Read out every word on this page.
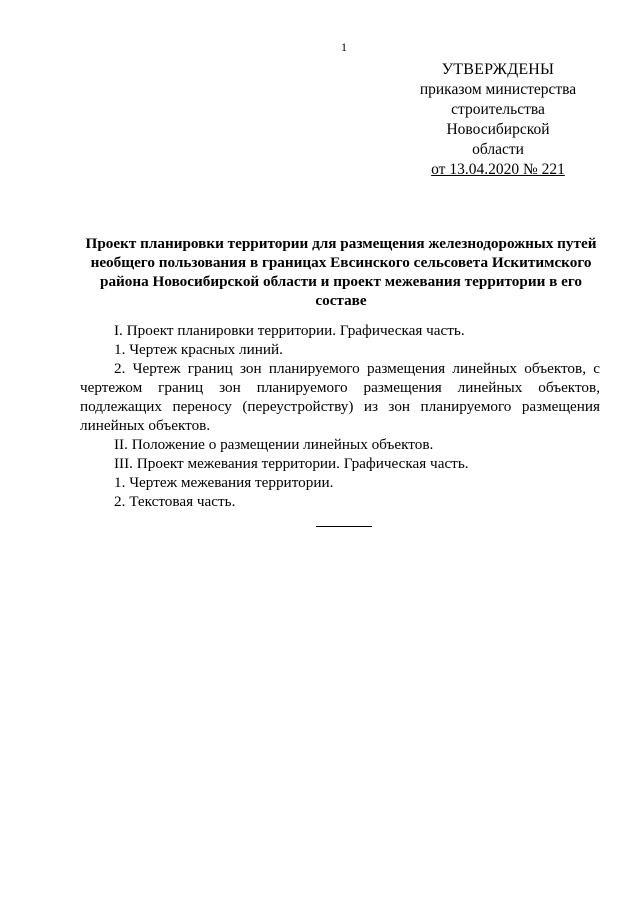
1
УТВЕРЖДЕНЫ
приказом министерства
строительства Новосибирской
области
от 13.04.2020 № 221
Проект планировки территории для размещения железнодорожных путей необщего пользования в границах Евсинского сельсовета Искитимского района Новосибирской области и проект межевания территории в его составе

I. Проект планировки территории. Графическая часть.

1. Чертеж красных линий.

2. Чертеж границ зон планируемого размещения линейных объектов, с чертежом границ зон планируемого размещения линейных объектов, подлежащих переносу (переустройству) из зон планируемого размещения линейных объектов.

II. Положение о размещении линейных объектов.

III. Проект межевания территории. Графическая часть.

1. Чертеж межевания территории.

2. Текстовая часть.
